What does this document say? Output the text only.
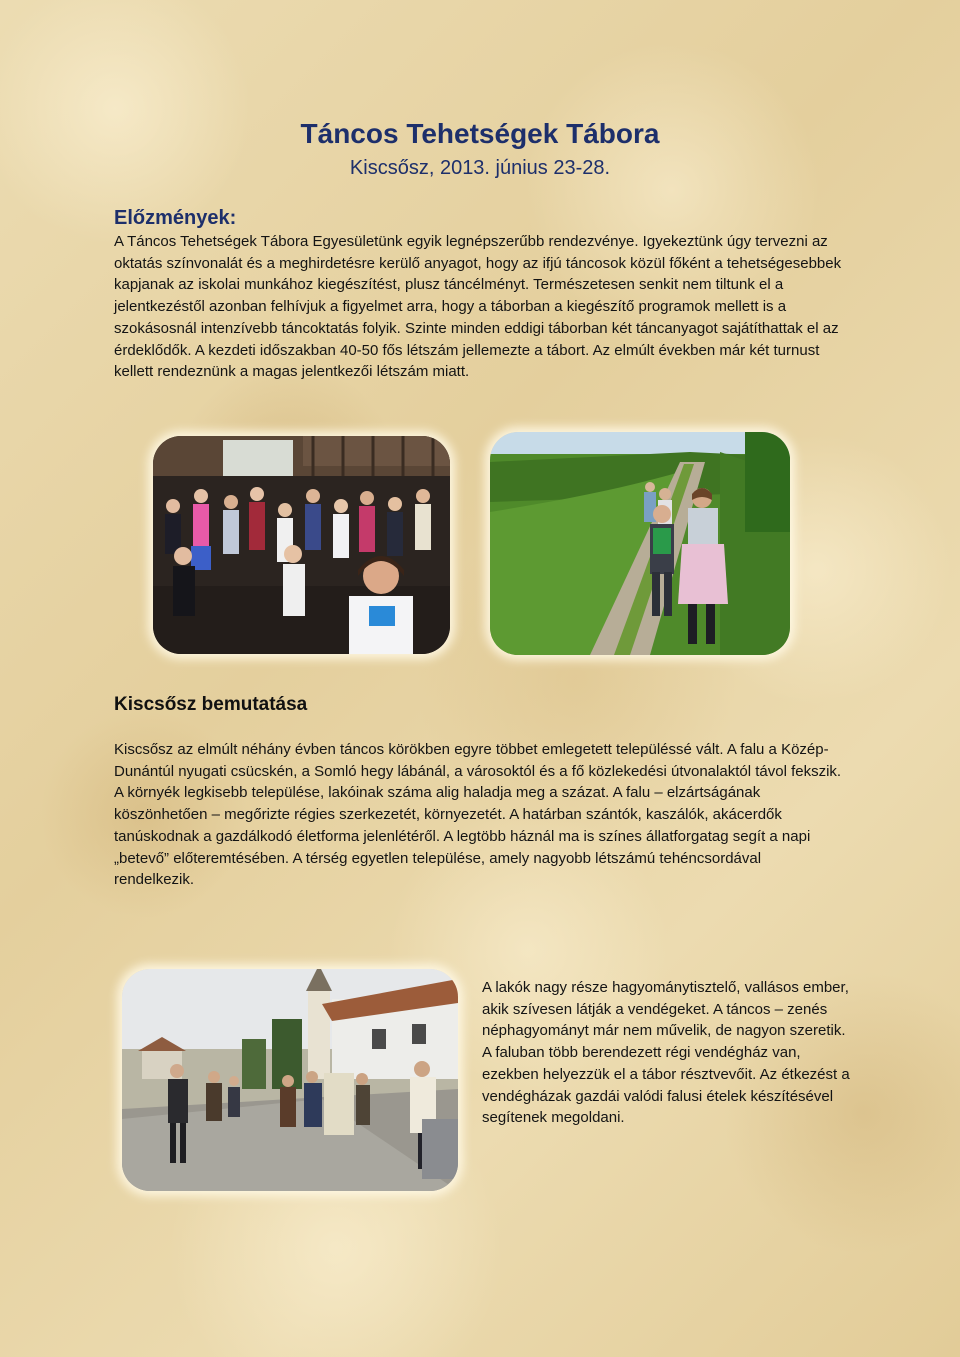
Táncos Tehetségek Tábora
Kiscsősz, 2013. június 23-28.
Előzmények:
A Táncos Tehetségek Tábora Egyesületünk egyik legnépszerűbb rendezvénye. Igyekeztünk úgy tervezni az oktatás színvonalát és a meghirdetésre kerülő anyagot, hogy az ifjú táncosok közül főként a tehetségesebbek kapjanak az iskolai munkához kiegészítést, plusz táncélményt. Természetesen senkit nem tiltunk el a jelentkezéstől azonban felhívjuk a figyelmet arra, hogy a táborban a kiegészítő programok mellett is a szokásosnál intenzívebb táncoktatás folyik. Szinte minden eddigi táborban két táncanyagot sajátíthattak el az érdeklődők. A kezdeti időszakban 40-50 fős létszám jellemezte a tábort. Az elmúlt években már két turnust kellett rendeznünk a magas jelentkezői létszám miatt.
Kiscsősz bemutatása
Kiscsősz az elmúlt néhány évben táncos körökben egyre többet emlegetett településsé vált. A falu a Közép-Dunántúl nyugati csücskén, a Somló hegy lábánál, a városoktól és a fő közlekedési útvonalaktól távol fekszik. A környék legkisebb települése, lakóinak száma alig haladja meg a százat. A falu – elzártságának köszönhetően – megőrizte régies szerkezetét, környezetét. A határban szántók, kaszálók, akácerdők tanúskodnak a gazdálkodó életforma jelenlétéről. A legtöbb háznál ma is színes állatforgatag segít a napi „betevő” előteremtésében. A térség egyetlen települése, amely nagyobb létszámú tehéncsordával rendelkezik.
A lakók nagy része hagyománytisztelő, vallásos ember, akik szívesen látják a vendégeket. A táncos – zenés néphagyományt már nem művelik, de nagyon szeretik. A faluban több berendezett régi vendégház van, ezekben helyezzük el a tábor résztvevőit. Az étkezést a vendégházak gazdái valódi falusi ételek készítésével segítenek megoldani.
